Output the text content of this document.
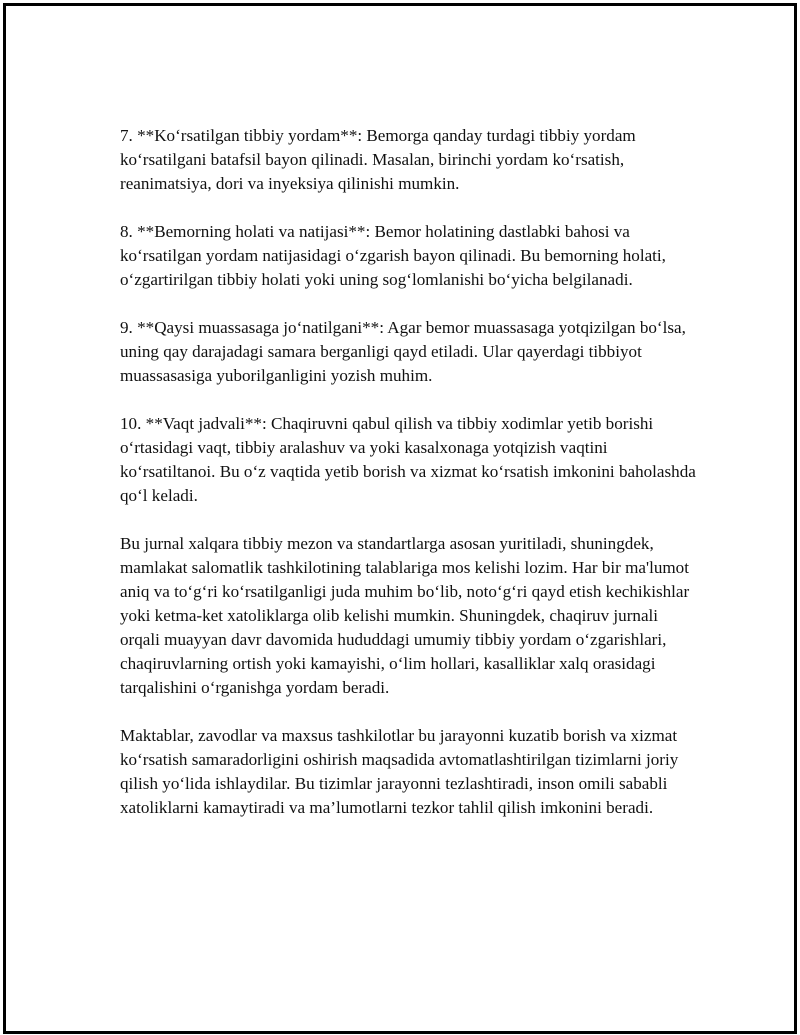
7. **Ko‘rsatilgan tibbiy yordam**: Bemorga qanday turdagi tibbiy yordam ko‘rsatilgani batafsil bayon qilinadi. Masalan, birinchi yordam ko‘rsatish, reanimatsiya, dori va inyeksiya qilinishi mumkin.

8. **Bemorning holati va natijasi**: Bemor holatining dastlabki bahosi va ko‘rsatilgan yordam natijasidagi o‘zgarish bayon qilinadi. Bu bemorning holati, o‘zgartirilgan tibbiy holati yoki uning sog‘lomlanishi bo‘yicha belgilanadi.

9. **Qaysi muassasaga jo‘natilgani**: Agar bemor muassasaga yotqizilgan bo‘lsa, uning qay darajadagi samara berganligi qayd etiladi. Ular qayerdagi tibbiyot muassasasiga yuborilganligini yozish muhim.

10. **Vaqt jadvali**: Chaqiruvni qabul qilish va tibbiy xodimlar yetib borishi o‘rtasidagi vaqt, tibbiy aralashuv va yoki kasalxonaga yotqizish vaqtini ko‘rsatiltanoi. Bu o‘z vaqtida yetib borish va xizmat ko‘rsatish imkonini baholashda qo‘l keladi.

Bu jurnal xalqara tibbiy mezon va standartlarga asosan yuritiladi, shuningdek, mamlakat salomatlik tashkilotining talablariga mos kelishi lozim. Har bir ma'lumot aniq va to‘g‘ri ko‘rsatilganligi juda muhim bo‘lib, noto‘g‘ri qayd etish kechikishlar yoki ketma-ket xatoliklarga olib kelishi mumkin. Shuningdek, chaqiruv jurnali orqali muayyan davr davomida hududdagi umumiy tibbiy yordam o‘zgarishlari, chaqiruvlarning ortish yoki kamayishi, o‘lim hollari, kasalliklar xalq orasidagi tarqalishini o‘rganishga yordam beradi.

Maktablar, zavodlar va maxsus tashkilotlar bu jarayonni kuzatib borish va xizmat ko‘rsatish samaradorligini oshirish maqsadida avtomatlashtirilgan tizimlarni joriy qilish yo‘lida ishlaydilar. Bu tizimlar jarayonni tezlashtiradi, inson omili sababli xatoliklarni kamaytiradi va ma’lumotlarni tezkor tahlil qilish imkonini beradi.
